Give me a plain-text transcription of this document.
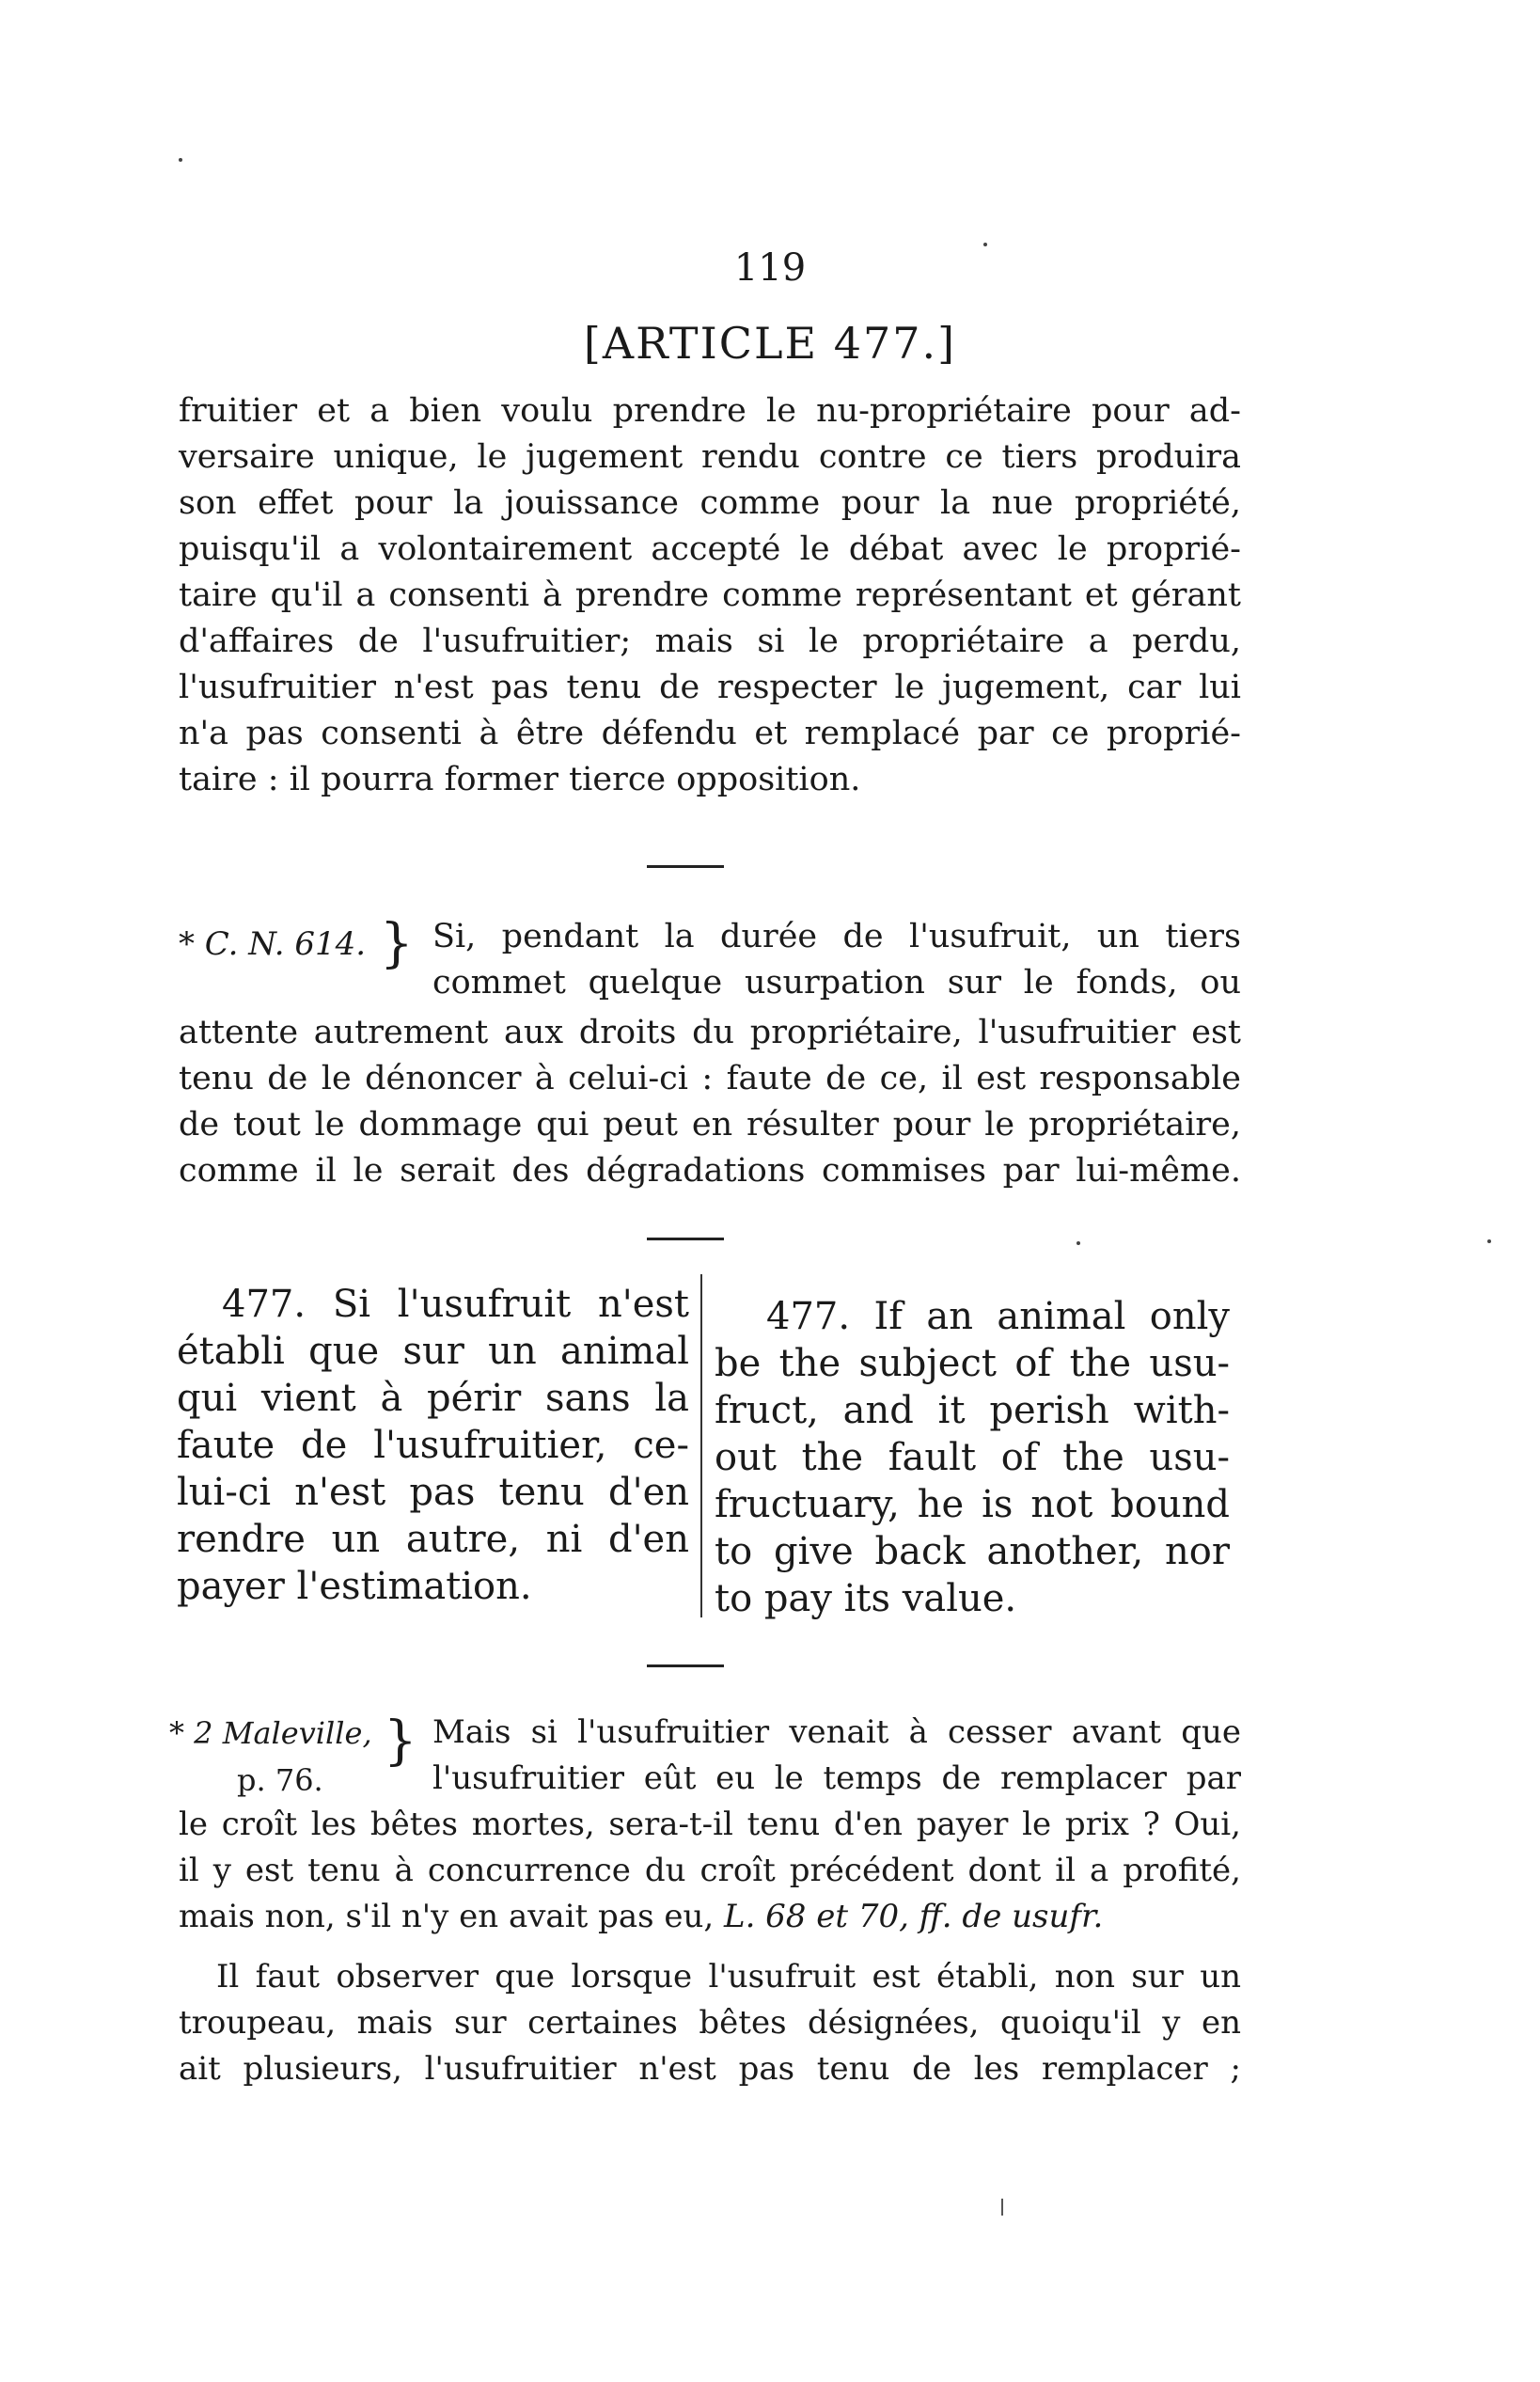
119
[ARTICLE 477.]
fruitier et a bien voulu prendre le nu-propriétaire pour ad-
versaire unique, le jugement rendu contre ce tiers produira
son effet pour la jouissance comme pour la nue propriété,
puisqu'il a volontairement accepté le débat avec le proprié-
taire qu'il a consenti à prendre comme représentant et gérant
d'affaires de l'usufruitier; mais si le propriétaire a perdu,
l'usufruitier n'est pas tenu de respecter le jugement, car lui
n'a pas consenti à être défendu et remplacé par ce proprié-
taire : il pourra former tierce opposition.
* C. N. 614. } Si, pendant la durée de l'usufruit, un tiers
commet quelque usurpation sur le fonds, ou
attente autrement aux droits du propriétaire, l'usufruitier est
tenu de le dénoncer à celui-ci : faute de ce, il est responsable
de tout le dommage qui peut en résulter pour le propriétaire,
comme il le serait des dégradations commises par lui-même.
477. Si l'usufruit n'est
établi que sur un animal
qui vient à périr sans la
faute de l'usufruitier, ce-
lui-ci n'est pas tenu d'en
rendre un autre, ni d'en
payer l'estimation.
477. If an animal only
be the subject of the usu-
fruct, and it perish with-
out the fault of the usu-
fructuary, he is not bound
to give back another, nor
to pay its value.
* 2 Maleville,
p. 76.
} Mais si l'usufruitier venait à cesser avant que
l'usufruitier eût eu le temps de remplacer par
le croît les bêtes mortes, sera-t-il tenu d'en payer le prix ? Oui,
il y est tenu à concurrence du croît précédent dont il a profité,
mais non, s'il n'y en avait pas eu, L. 68 et 70, ff. de usufr.
Il faut observer que lorsque l'usufruit est établi, non sur un
troupeau, mais sur certaines bêtes désignées, quoiqu'il y en
ait plusieurs, l'usufruitier n'est pas tenu de les remplacer ;
